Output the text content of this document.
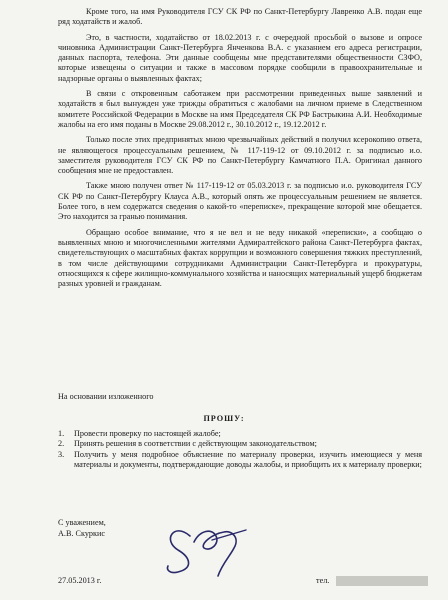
Кроме того, на имя Руководителя ГСУ СК РФ по Санкт-Петербургу Лавренко А.В. подан еще ряд ходатайств и жалоб.

Это, в частности, ходатайство от 18.02.2013 г. с очередной просьбой о вызове и опросе чиновника Администрации Санкт-Петербурга Янченкова В.А. с указанием его адреса регистрации, данных паспорта, телефона. Эти данные сообщены мне представителями общественности СЗФО, которые извещены о ситуации и также в массовом порядке сообщили в правоохранительные и надзорные органы о выявленных фактах;

В связи с откровенным саботажем при рассмотрении приведенных выше заявлений и ходатайств я был вынужден уже трижды обратиться с жалобами на личном приеме в Следственном комитете Российской Федерации в Москве на имя Председателя СК РФ Бастрыкина А.И. Необходимые жалобы на его имя поданы в Москве 29.08.2012 г., 30.10.2012 г., 19.12.2012 г.

Только после этих предпринятых мною чрезвычайных действий я получил ксерокопию ответа, не являющегося процессуальным решением, № 117-119-12 от 09.10.2012 г. за подписью и.о. заместителя руководителя ГСУ СК РФ по Санкт-Петербургу Камчатного П.А. Оригинал данного сообщения мне не предоставлен.

Также мною получен ответ № 117-119-12 от 05.03.2013 г. за подписью и.о. руководителя ГСУ СК РФ по Санкт-Петербургу Клауса А.В., который опять же процессуальным решением не является. Более того, в нем содержатся сведения о какой-то «переписке», прекращение которой мне обещается. Это находится за гранью понимания.

Обращаю особое внимание, что я не вел и не веду никакой «переписки», а сообщаю о выявленных мною и многочисленными жителями Адмиралтейского района Санкт-Петербурга фактах, свидетельствующих о масштабных фактах коррупции и возможного совершения тяжких преступлений, в том числе действующими сотрудниками Администрации Санкт-Петербурга и прокуратуры, относящихся к сфере жилищно-коммунального хозяйства и наносящих материальный ущерб бюджетам разных уровней и гражданам.

На основании изложенного

ПРОШУ:

1. Провести проверку по настоящей жалобе;
2. Принять решения в соответствии с действующим законодательством;
3. Получить у меня подробное объяснение по материалу проверки, изучить имеющиеся у меня материалы и документы, подтверждающие доводы жалобы, и приобщить их к материалу проверки;

С уважением,

А.В. Скуркис

27.05.2013 г.	тел.
